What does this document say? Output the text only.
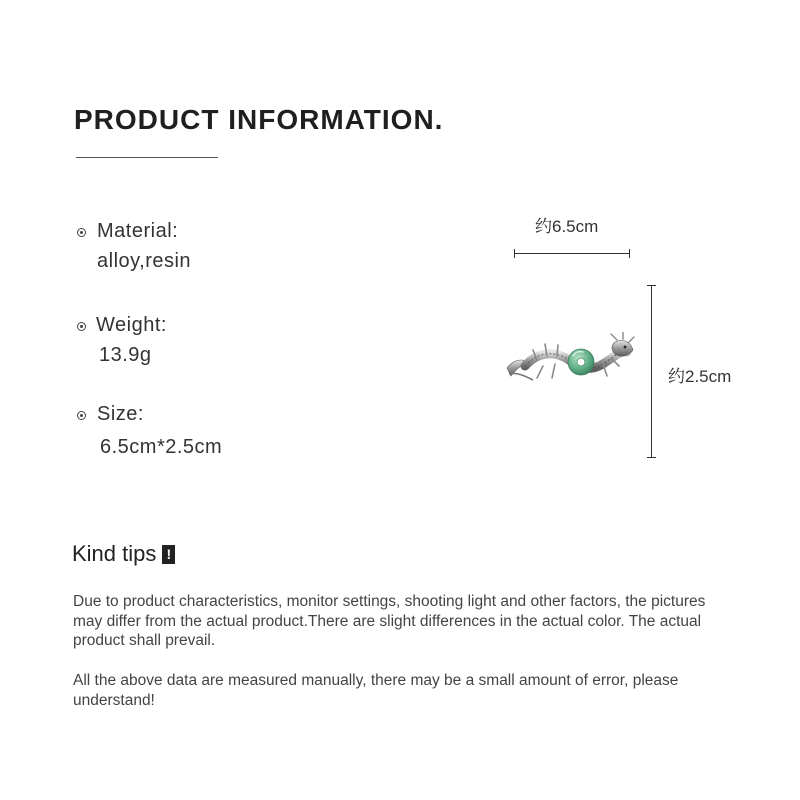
PRODUCT INFORMATION.
Material:
alloy,resin
Weight:
13.9g
Size:
6.5cm*2.5cm
约6.5cm
约2.5cm
Kind tips !
Due to product characteristics, monitor settings, shooting light and other factors, the pictures may differ from the actual product.There are slight differences in the actual color. The actual product shall prevail.
All the above data are measured manually, there may be a small amount of error, please understand!
